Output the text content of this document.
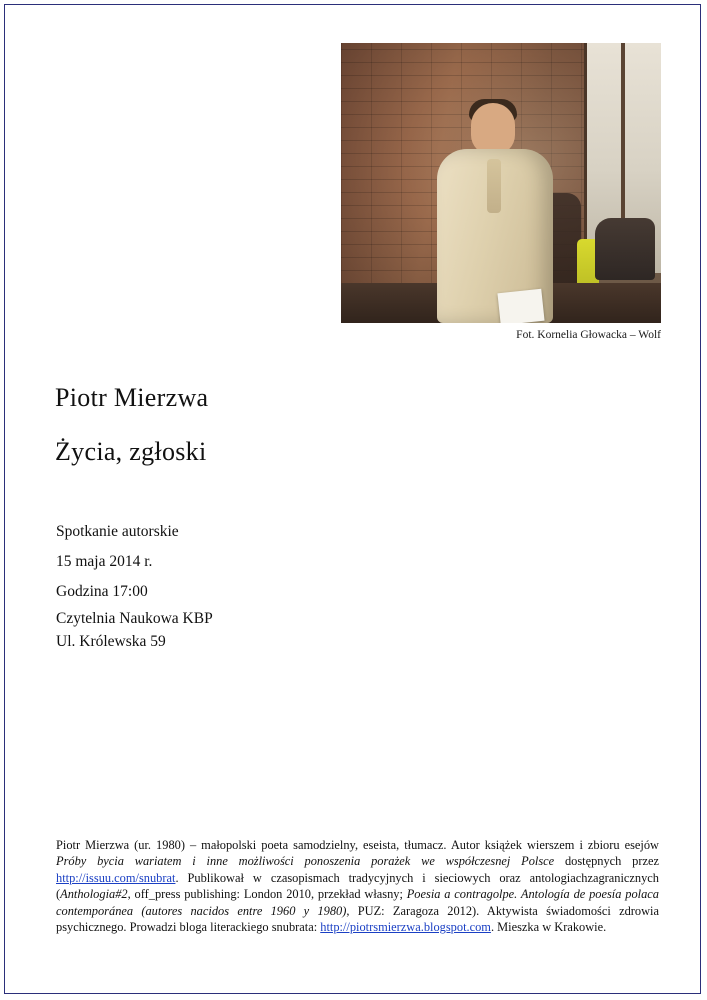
Fot. Kornelia Głowacka – Wolf
Piotr Mierzwa
Życia, zgłoski
Spotkanie autorskie
15 maja 2014 r.
Godzina 17:00
Czytelnia Naukowa KBP
Ul. Królewska 59
Piotr Mierzwa (ur. 1980) – małopolski poeta samodzielny, eseista, tłumacz. Autor książek wierszem i zbioru esejów Próby bycia wariatem i inne możliwości ponoszenia porażek we współczesnej Polsce dostępnych przez http://issuu.com/snubrat. Publikował w czasopismach tradycyjnych i sieciowych oraz antologiachzagranicznych (Anthologia#2, off_press publishing: London 2010, przekład własny; Poesia a contragolpe. Antología de poesía polaca contemporánea (autores nacidos entre 1960 y 1980), PUZ: Zaragoza 2012). Aktywista świadomości zdrowia psychicznego. Prowadzi bloga literackiego snubrata: http://piotrsmierzwa.blogspot.com. Mieszka w Krakowie.
